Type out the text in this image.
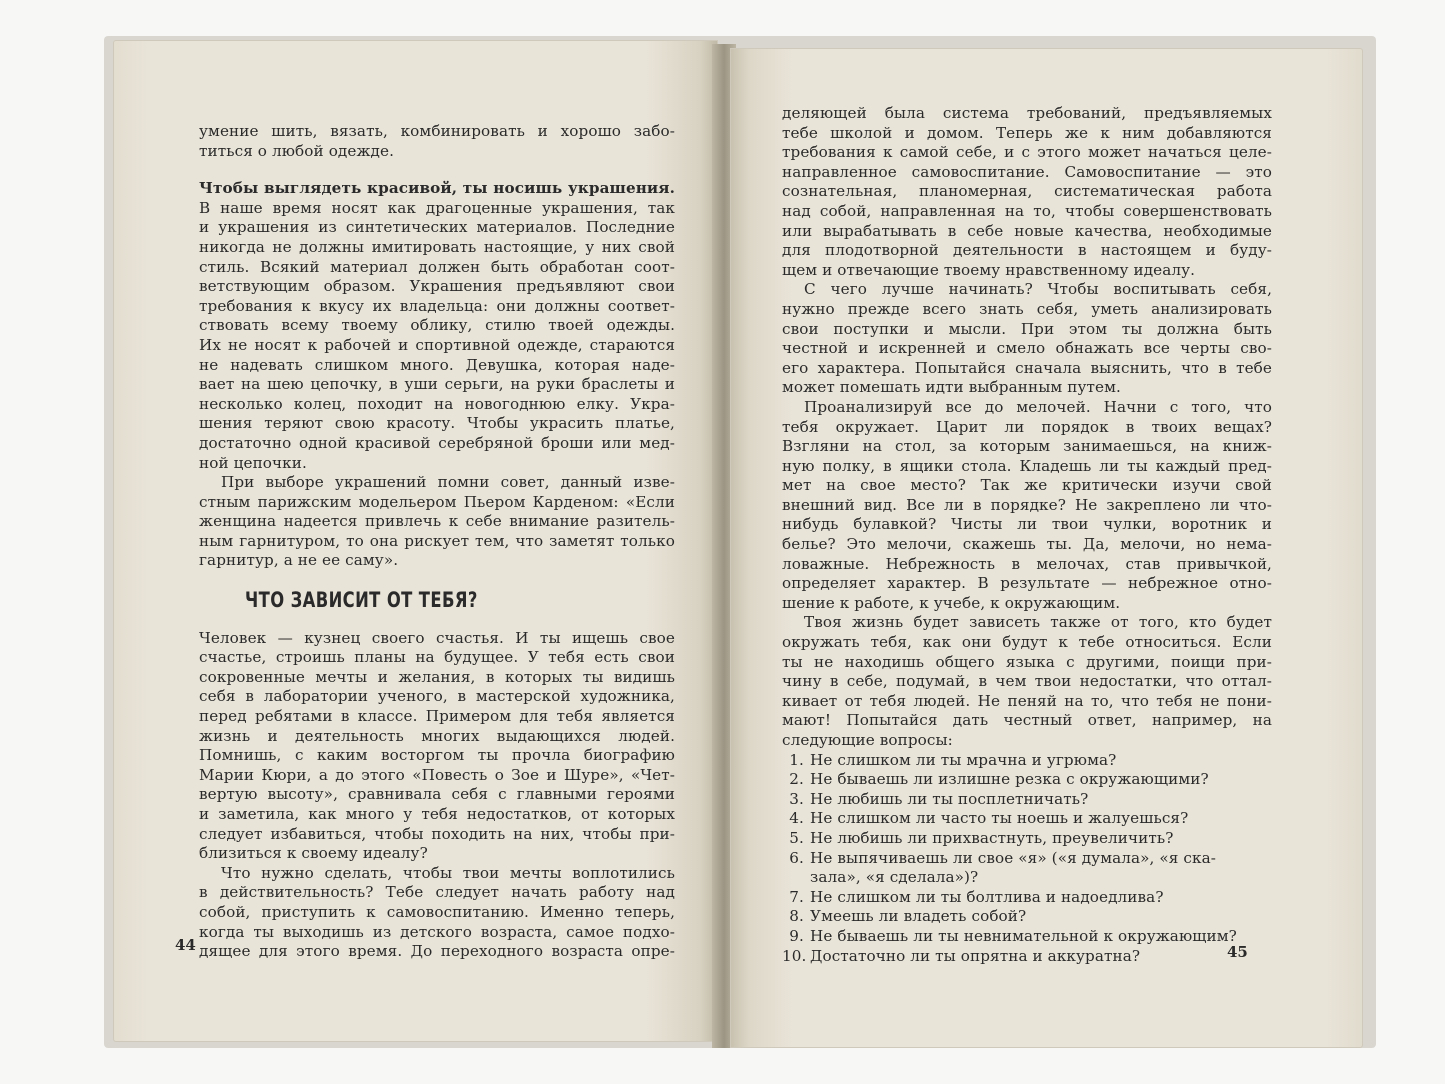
умение шить, вязать, комбинировать и хорошо забо-
титься о любой одежде.
Чтобы выглядеть красивой, ты носишь украшения.
В наше время носят как драгоценные украшения, так
и украшения из синтетических материалов. Последние
никогда не должны имитировать настоящие, у них свой
стиль. Всякий материал должен быть обработан соот-
ветствующим образом. Украшения предъявляют свои
требования к вкусу их владельца: они должны соответ-
ствовать всему твоему облику, стилю твоей одежды.
Их не носят к рабочей и спортивной одежде, стараются
не надевать слишком много. Девушка, которая наде-
вает на шею цепочку, в уши серьги, на руки браслеты и
несколько колец, походит на новогоднюю елку. Укра-
шения теряют свою красоту. Чтобы украсить платье,
достаточно одной красивой серебряной броши или мед-
ной цепочки.
При выборе украшений помни совет, данный изве-
стным парижским модельером Пьером Карденом: «Если
женщина надеется привлечь к себе внимание разитель-
ным гарнитуром, то она рискует тем, что заметят только
гарнитур, а не ее саму».
ЧТО ЗАВИСИТ ОТ ТЕБЯ?
Человек — кузнец своего счастья. И ты ищешь свое
счастье, строишь планы на будущее. У тебя есть свои
сокровенные мечты и желания, в которых ты видишь
себя в лаборатории ученого, в мастерской художника,
перед ребятами в классе. Примером для тебя является
жизнь и деятельность многих выдающихся людей.
Помнишь, с каким восторгом ты прочла биографию
Марии Кюри, а до этого «Повесть о Зое и Шуре», «Чет-
вертую высоту», сравнивала себя с главными героями
и заметила, как много у тебя недостатков, от которых
следует избавиться, чтобы походить на них, чтобы при-
близиться к своему идеалу?
Что нужно сделать, чтобы твои мечты воплотились
в действительность? Тебе следует начать работу над
собой, приступить к самовоспитанию. Именно теперь,
когда ты выходишь из детского возраста, самое подхо-
дящее для этого время. До переходного возраста опре-
44
деляющей была система требований, предъявляемых
тебе школой и домом. Теперь же к ним добавляются
требования к самой себе, и с этого может начаться целе-
направленное самовоспитание. Самовоспитание — это
сознательная, планомерная, систематическая работа
над собой, направленная на то, чтобы совершенствовать
или вырабатывать в себе новые качества, необходимые
для плодотворной деятельности в настоящем и буду-
щем и отвечающие твоему нравственному идеалу.
С чего лучше начинать? Чтобы воспитывать себя,
нужно прежде всего знать себя, уметь анализировать
свои поступки и мысли. При этом ты должна быть
честной и искренней и смело обнажать все черты сво-
его характера. Попытайся сначала выяснить, что в тебе
может помешать идти выбранным путем.
Проанализируй все до мелочей. Начни с того, что
тебя окружает. Царит ли порядок в твоих вещах?
Взгляни на стол, за которым занимаешься, на книж-
ную полку, в ящики стола. Кладешь ли ты каждый пред-
мет на свое место? Так же критически изучи свой
внешний вид. Все ли в порядке? Не закреплено ли что-
нибудь булавкой? Чисты ли твои чулки, воротник и
белье? Это мелочи, скажешь ты. Да, мелочи, но нема-
ловажные. Небрежность в мелочах, став привычкой,
определяет характер. В результате — небрежное отно-
шение к работе, к учебе, к окружающим.
Твоя жизнь будет зависеть также от того, кто будет
окружать тебя, как они будут к тебе относиться. Если
ты не находишь общего языка с другими, поищи при-
чину в себе, подумай, в чем твои недостатки, что оттал-
кивает от тебя людей. Не пеняй на то, что тебя не пони-
мают! Попытайся дать честный ответ, например, на
следующие вопросы:
1. Не слишком ли ты мрачна и угрюма?
2. Не бываешь ли излишне резка с окружающими?
3. Не любишь ли ты посплетничать?
4. Не слишком ли часто ты ноешь и жалуешься?
5. Не любишь ли прихвастнуть, преувеличить?
6. Не выпячиваешь ли свое «я» («я думала», «я ска-
зала», «я сделала»)?
7. Не слишком ли ты болтлива и надоедлива?
8. Умеешь ли владеть собой?
9. Не бываешь ли ты невнимательной к окружающим?
10. Достаточно ли ты опрятна и аккуратна?	45
